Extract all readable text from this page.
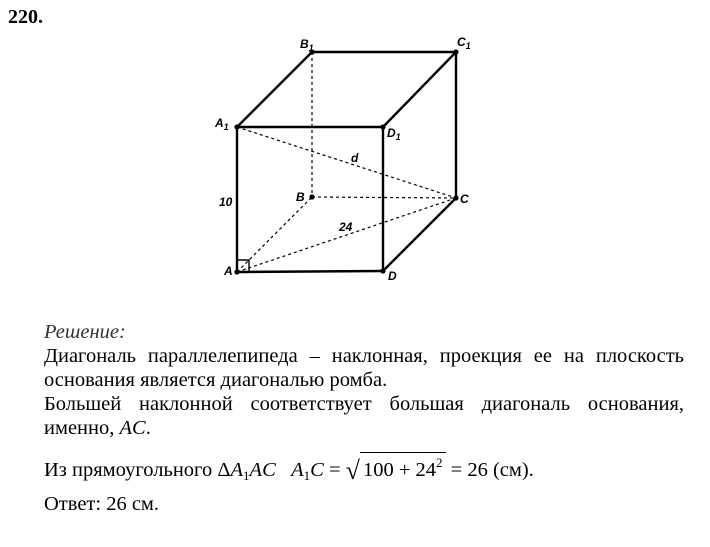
220.
A
B	C
D
$A_1$
$B_1$	$C_1$
$D_1$
10
24
d
Решение:
Диагональ параллелепипеда – наклонная, проекция ее на плоскость основания является диагональю ромба.
Большей наклонной соответствует большая диагональ основания, именно, AC.
Из прямоугольного $\Delta A_1AC$ $A_1C$ = √ $100 + 24^2 = 26$ (см).
Ответ: 26 см.
